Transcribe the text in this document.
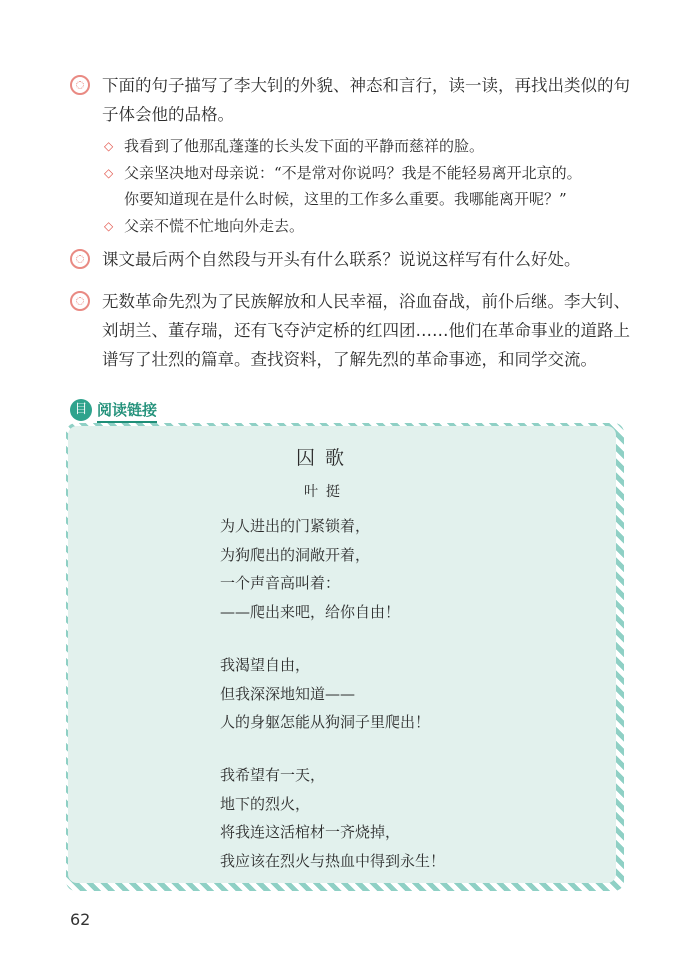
下面的句子描写了李大钊的外貌、神态和言行，读一读，再找出类似的句
子体会他的品格。
◇ 我看到了他那乱蓬蓬的长头发下面的平静而慈祥的脸。
◇ 父亲坚决地对母亲说：“不是常对你说吗？我是不能轻易离开北京的。
你要知道现在是什么时候，这里的工作多么重要。我哪能离开呢？”
◇ 父亲不慌不忙地向外走去。
课文最后两个自然段与开头有什么联系？说说这样写有什么好处。
无数革命先烈为了民族解放和人民幸福，浴血奋战，前仆后继。李大钊、
刘胡兰、董存瑞，还有飞夺泸定桥的红四团……他们在革命事业的道路上
谱写了壮烈的篇章。查找资料，了解先烈的革命事迹，和同学交流。
目 阅读链接
囚歌
叶挺
为人进出的门紧锁着，
为狗爬出的洞敞开着，
一个声音高叫着：
——爬出来吧，给你自由！
我渴望自由，
但我深深地知道——
人的身躯怎能从狗洞子里爬出！
我希望有一天，
地下的烈火，
将我连这活棺材一齐烧掉，
我应该在烈火与热血中得到永生！
62
